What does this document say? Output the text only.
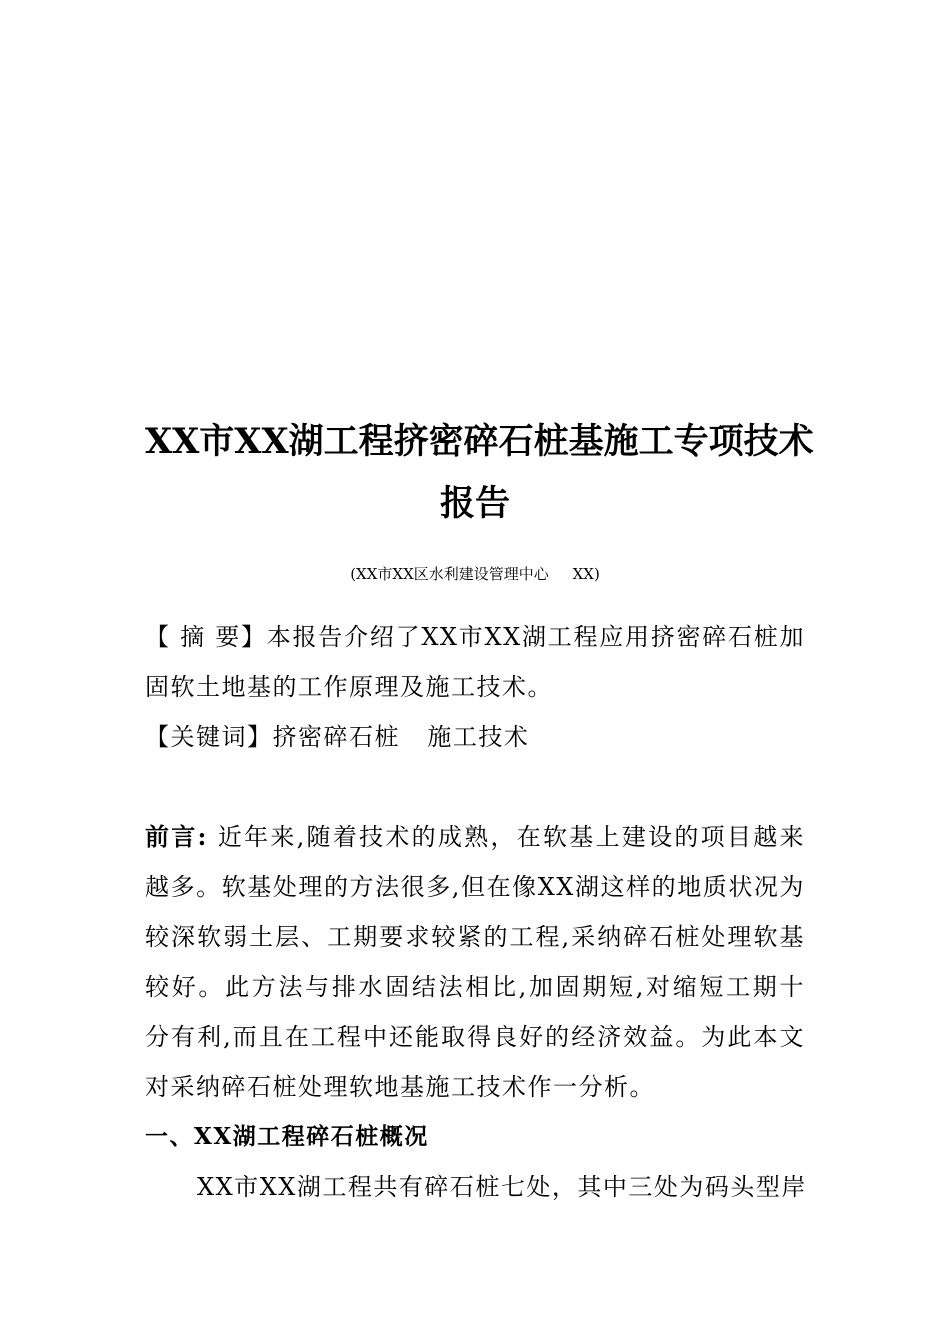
XX市XX湖工程挤密碎石桩基施工专项技术
报告
(XX市XX区水利建设管理中心     XX)
【 摘 要】本报告介绍了XX市XX湖工程应用挤密碎石桩加
固软土地基的工作原理及施工技术。
【关键词】挤密碎石桩   施工技术
前言: 近年来,随着技术的成熟，在软基上建设的项目越来
越多。软基处理的方法很多,但在像XX湖这样的地质状况为
较深软弱土层、工期要求较紧的工程,采纳碎石桩处理软基
较好。此方法与排水固结法相比,加固期短,对缩短工期十
分有利,而且在工程中还能取得良好的经济效益。为此本文
对采纳碎石桩处理软地基施工技术作一分析。
一、XX湖工程碎石桩概况
XX市XX湖工程共有碎石桩七处，其中三处为码头型岸
